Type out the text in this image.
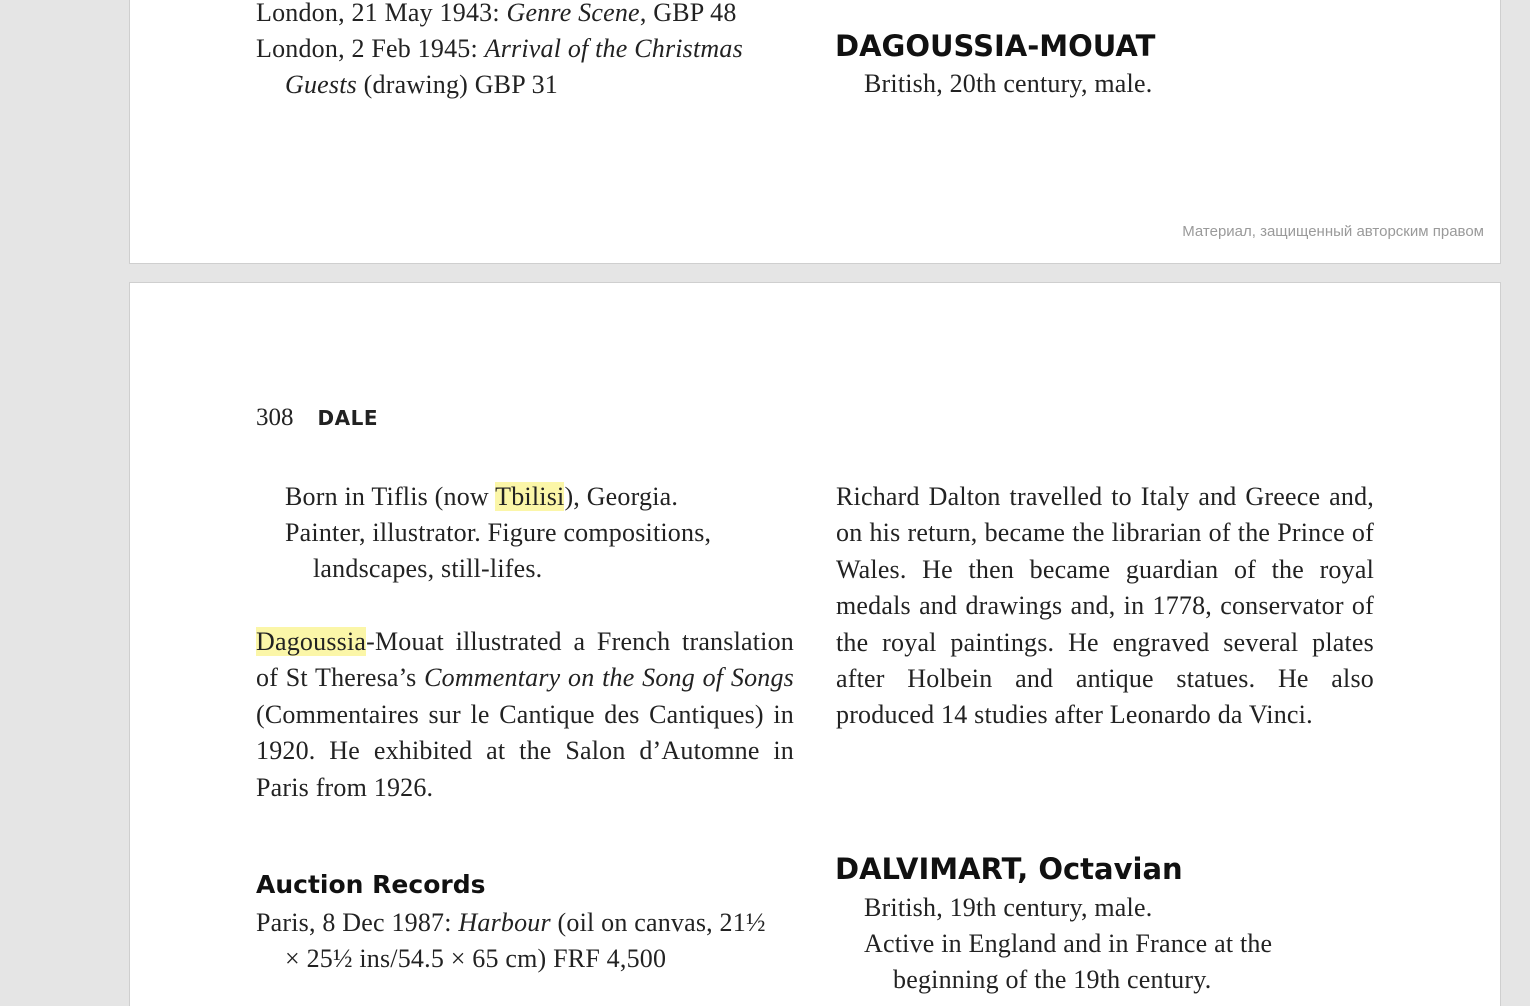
London, 21 May 1943: Genre Scene, GBP 48
London, 2 Feb 1945: Arrival of the Christmas
Guests (drawing) GBP 31
DAGOUSSIA-MOUAT
British, 20th century, male.
Материал, защищенный авторским правом
308 DALE
Born in Tiflis (now Tbilisi), Georgia.
Painter, illustrator. Figure compositions,
landscapes, still-lifes.
Dagoussia-Mouat illustrated a French translation of St Theresa’s Commentary on the Song of Songs (Commentaires sur le Cantique des Cantiques) in 1920. He exhibited at the Salon d’Automne in Paris from 1926.
Auction Records
Paris, 8 Dec 1987: Harbour (oil on canvas, 21½
× 25½ ins/54.5 × 65 cm) FRF 4,500
Richard Dalton travelled to Italy and Greece and, on his return, became the librarian of the Prince of Wales. He then became guardian of the royal medals and drawings and, in 1778, conservator of the royal paintings. He engraved several plates after Holbein and antique statues. He also produced 14 studies after Leonardo da Vinci.
DALVIMART, Octavian
British, 19th century, male.
Active in England and in France at the
beginning of the 19th century.
